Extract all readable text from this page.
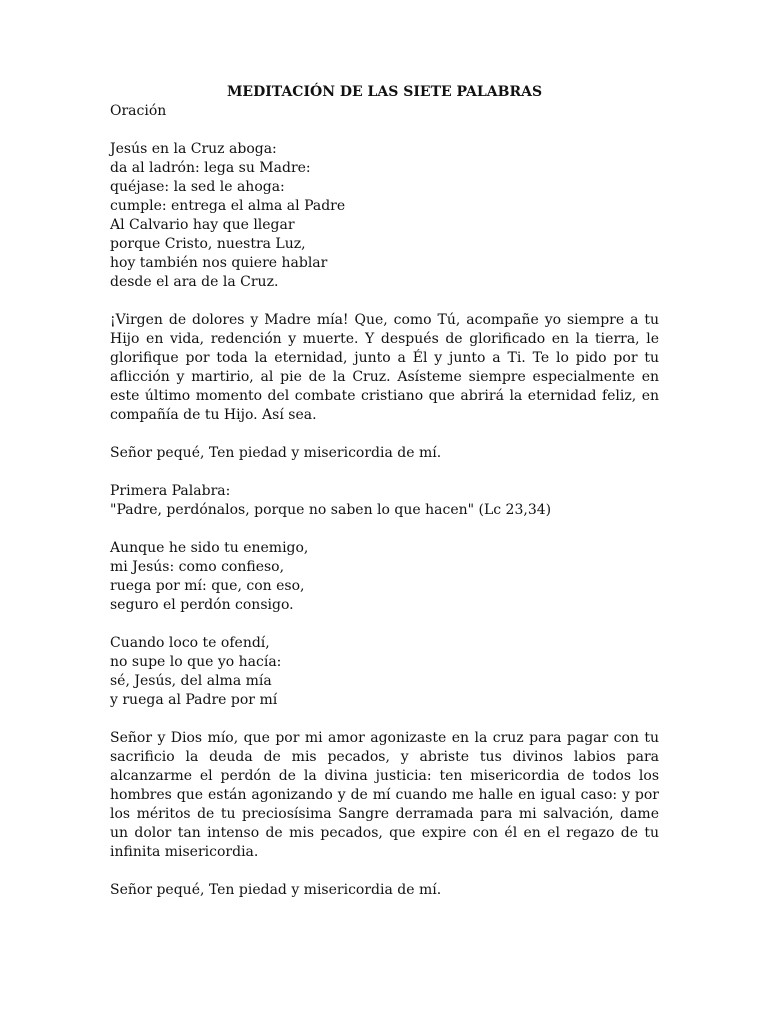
MEDITACIÓN DE LAS SIETE PALABRAS

Oración

Jesús en la Cruz aboga:
da al ladrón: lega su Madre:
quéjase: la sed le ahoga:
cumple: entrega el alma al Padre
Al Calvario hay que llegar
porque Cristo, nuestra Luz,
hoy también nos quiere hablar
desde el ara de la Cruz.

¡Virgen de dolores y Madre mía! Que, como Tú, acompañe yo siempre a tu Hijo en vida, redención y muerte. Y después de glorificado en la tierra, le glorifique por toda la eternidad, junto a Él y junto a Ti. Te lo pido por tu aflicción y martirio, al pie de la Cruz. Asísteme siempre especialmente en este último momento del combate cristiano que abrirá la eternidad feliz, en compañía de tu Hijo. Así sea.

Señor pequé, Ten piedad y misericordia de mí.

Primera Palabra:

"Padre, perdónalos, porque no saben lo que hacen" (Lc 23,34)

Aunque he sido tu enemigo,
mi Jesús: como confieso,
ruega por mí: que, con eso,
seguro el perdón consigo.
Cuando loco te ofendí,
no supe lo que yo hacía:
sé, Jesús, del alma mía
y ruega al Padre por mí

Señor y Dios mío, que por mi amor agonizaste en la cruz para pagar con tu sacrificio la deuda de mis pecados, y abriste tus divinos labios para alcanzarme el perdón de la divina justicia: ten misericordia de todos los hombres que están agonizando y de mí cuando me halle en igual caso: y por los méritos de tu preciosísima Sangre derramada para mi salvación, dame un dolor tan intenso de mis pecados, que expire con él en el regazo de tu infinita misericordia.

Señor pequé, Ten piedad y misericordia de mí.
